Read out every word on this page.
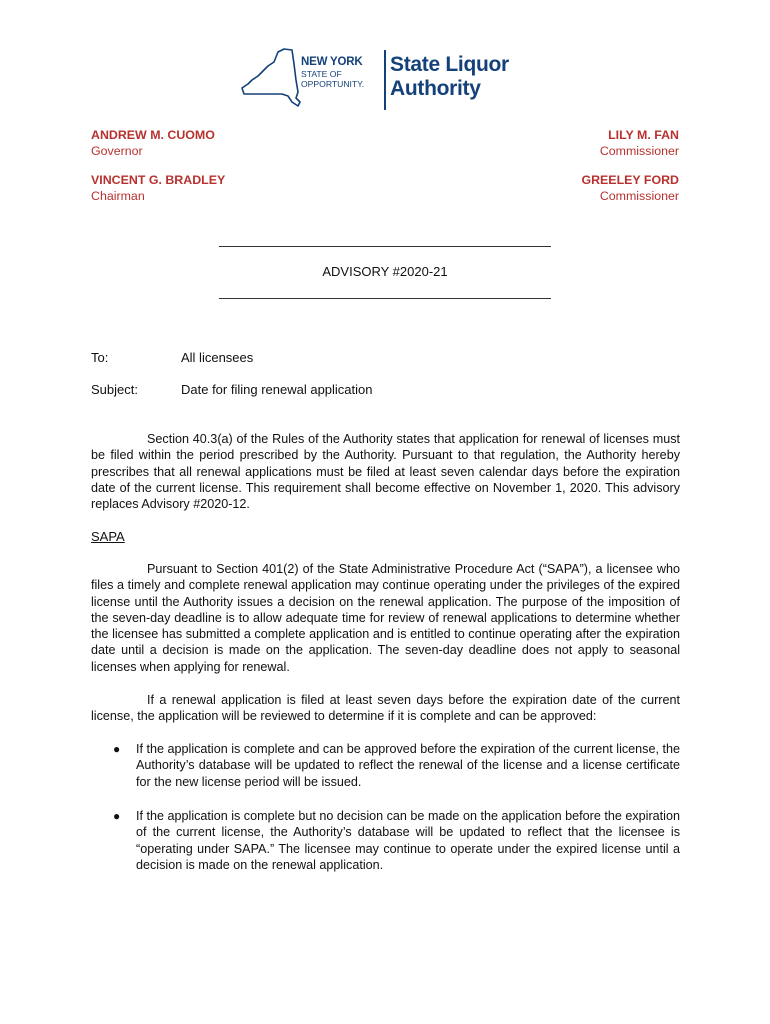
NEW YORK
STATE OF OPPORTUNITY.
State Liquor
Authority
ANDREW M. CUOMO
Governor
VINCENT G. BRADLEY
Chairman
LILY M. FAN
Commissioner
GREELEY FORD
Commissioner
ADVISORY #2020-21
To:	All licensees
Subject:	Date for filing renewal application
Section 40.3(a) of the Rules of the Authority states that application for renewal of licenses must be filed within the period prescribed by the Authority. Pursuant to that regulation, the Authority hereby prescribes that all renewal applications must be filed at least seven calendar days before the expiration date of the current license. This requirement shall become effective on November 1, 2020. This advisory replaces Advisory #2020-12.
SAPA
Pursuant to Section 401(2) of the State Administrative Procedure Act (“SAPA”), a licensee who files a timely and complete renewal application may continue operating under the privileges of the expired license until the Authority issues a decision on the renewal application. The purpose of the imposition of the seven-day deadline is to allow adequate time for review of renewal applications to determine whether the licensee has submitted a complete application and is entitled to continue operating after the expiration date until a decision is made on the application. The seven-day deadline does not apply to seasonal licenses when applying for renewal.
If a renewal application is filed at least seven days before the expiration date of the current license, the application will be reviewed to determine if it is complete and can be approved:
● If the application is complete and can be approved before the expiration of the current license, the Authority’s database will be updated to reflect the renewal of the license and a license certificate for the new license period will be issued.
● If the application is complete but no decision can be made on the application before the expiration of the current license, the Authority’s database will be updated to reflect that the licensee is “operating under SAPA.” The licensee may continue to operate under the expired license until a decision is made on the renewal application.
